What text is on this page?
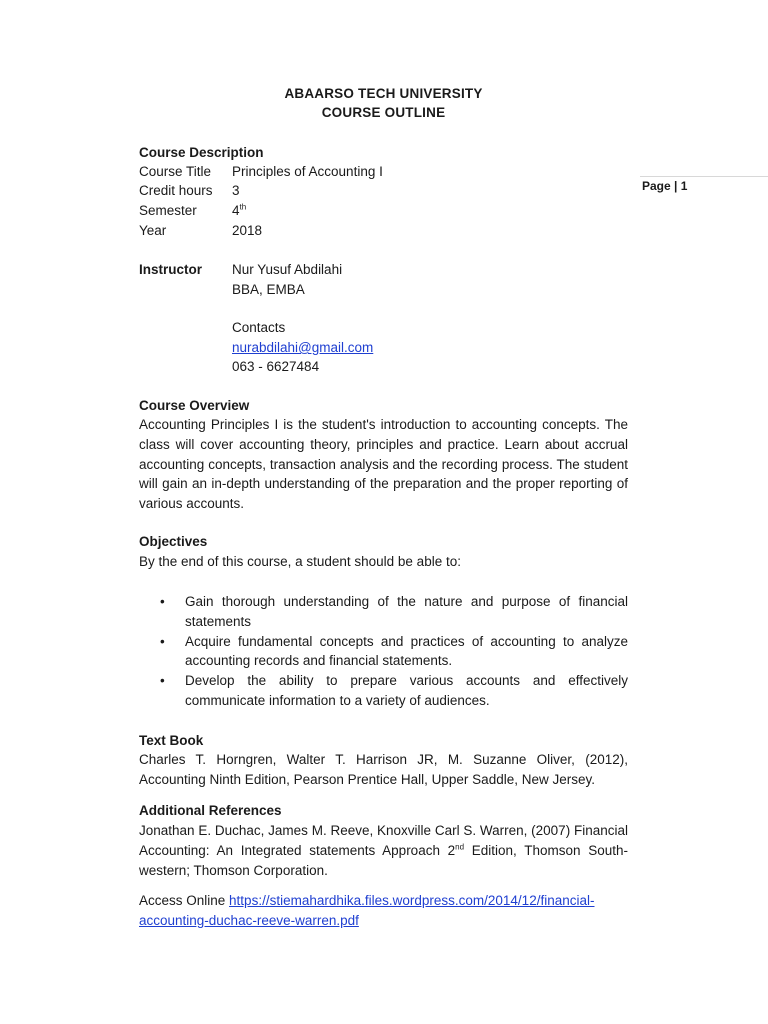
ABAARSO TECH UNIVERSITY
COURSE OUTLINE
Page | 1
Course Description
Course Title Principles of Accounting I
Credit hours 3
Semester	4th
Year	2018
Instructor Nur Yusuf Abdilahi
BBA, EMBA
Contacts
nurabdilahi@gmail.com
063 - 6627484
Course Overview
Accounting Principles I is the student's introduction to accounting concepts. The class will cover accounting theory, principles and practice. Learn about accrual accounting concepts, transaction analysis and the recording process. The student will gain an in-depth understanding of the preparation and the proper reporting of various accounts.
Objectives
By the end of this course, a student should be able to:
• Gain thorough understanding of the nature and purpose of financial statements
• Acquire fundamental concepts and practices of accounting to analyze accounting records and financial statements.
• Develop the ability to prepare various accounts and effectively communicate information to a variety of audiences.
Text Book
Charles T. Horngren, Walter T. Harrison JR, M. Suzanne Oliver, (2012), Accounting Ninth Edition, Pearson Prentice Hall, Upper Saddle, New Jersey.
Additional References
Jonathan E. Duchac, James M. Reeve, Knoxville Carl S. Warren, (2007) Financial Accounting: An Integrated statements Approach 2nd Edition, Thomson South-western; Thomson Corporation.
Access Online https://stiemahardhika.files.wordpress.com/2014/12/financial-
accounting-duchac-reeve-warren.pdf
